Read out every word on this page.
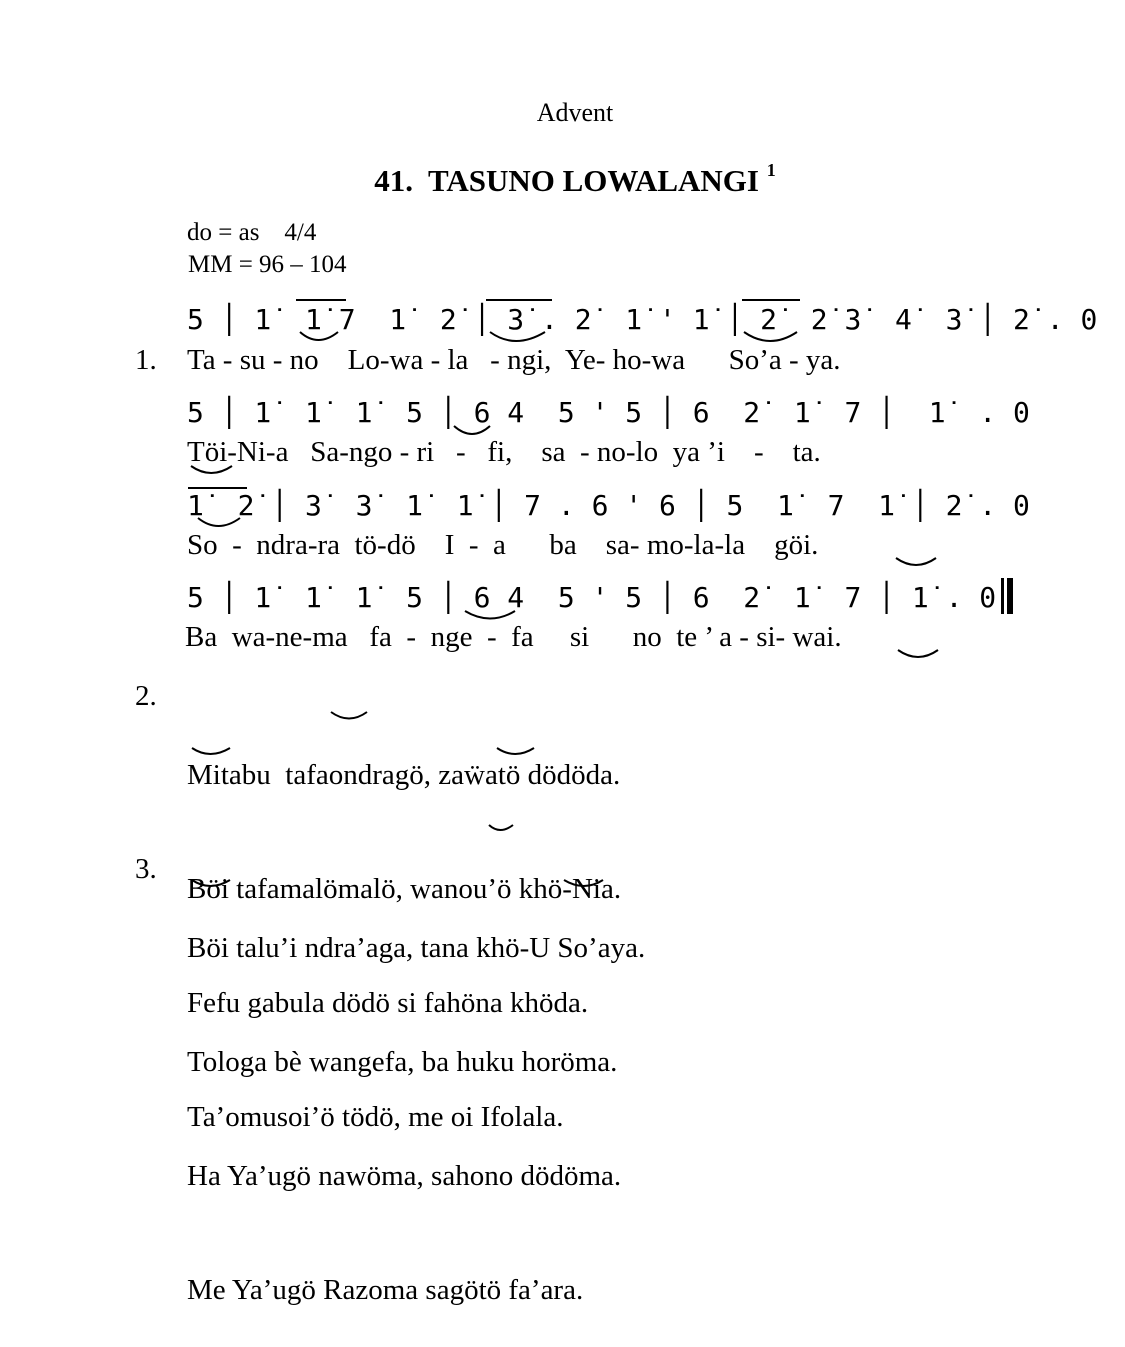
Advent
41.  TASUNO LOWALANGI $^1$
do = as    4/4
MM = 96 – 104
1.
5 │ 1̇  1̇ 7  1̇  2̇ │ 3̇ . 2̇  1̇ ' 1̇ │ 2̇  2̇ 3̇  4̇  3̇ │ 2̇ . 0
Ta - su - no    Lo-wa - la   - ngi,  Ye- ho-wa      So’a - ya.
5 │ 1̇  1̇  1̇  5 │ 6 4  5 ' 5 │ 6  2̇  1̇  7 │  1̇  . 0
Töi-Ni-a   Sa-ngo - ri   -   fi,    sa  - no-lo  ya ’i    -    ta.
1̇  2̇ │ 3̇  3̇  1̇  1̇ │ 7 . 6 ' 6 │ 5  1̇  7  1̇ │ 2̇ . 0
So  -  ndra-ra  tö-dö    I  -  a      ba    sa- mo-la-la    göi.
5 │ 1̇  1̇  1̇  5 │ 6 4  5 ' 5 │ 6  2̇  1̇  7 │ 1̇ . 0
Ba  wa-ne-ma   fa  -  nge  -  fa     si      no  te ’ a - si- wai.
2.

Mitabu  tafaondragö, zaẅatö dödöda.

Böi tafamalömalö, wanou’ö khö-Nia.

Fefu gabula dödö si fahöna khöda.

Ta’omusoi’ö tödö, me oi Ifolala.

3.

Böi talu’i ndra’aga, tana khö-U So’aya.

Tologa bè wangefa, ba huku horöma.

Ha Ya’ugö nawöma, sahono dödöma.

Me Ya’ugö Razoma sagötö fa’ara.
